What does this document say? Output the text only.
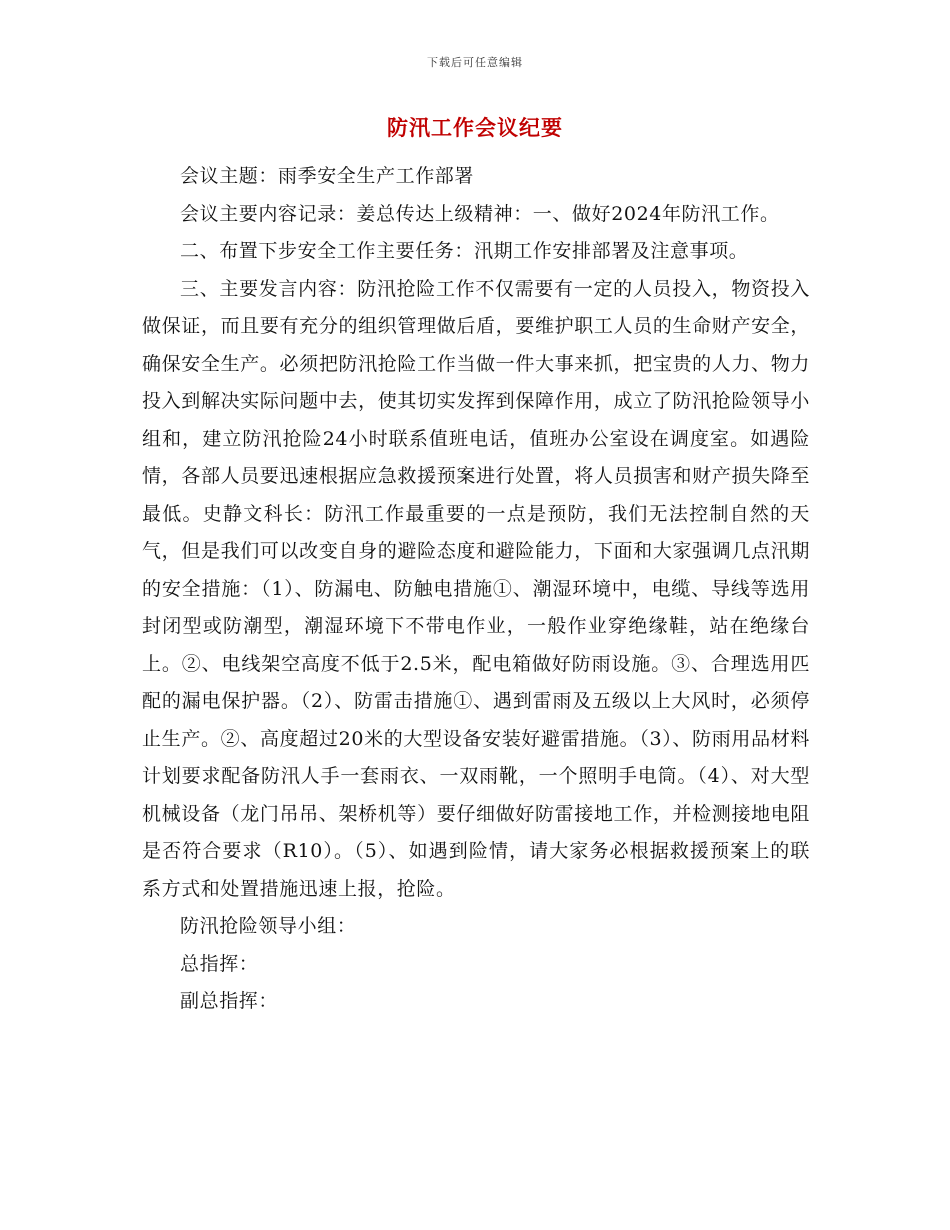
下载后可任意编辑
防汛工作会议纪要

会议主题：雨季安全生产工作部署

会议主要内容记录：姜总传达上级精神：一、做好2024年防汛工作。

二、布置下步安全工作主要任务：汛期工作安排部署及注意事项。

三、主要发言内容：防汛抢险工作不仅需要有一定的人员投入，物资投入做保证，而且要有充分的组织管理做后盾，要维护职工人员的生命财产安全，确保安全生产。必须把防汛抢险工作当做一件大事来抓，把宝贵的人力、物力投入到解决实际问题中去，使其切实发挥到保障作用，成立了防汛抢险领导小组和，建立防汛抢险24小时联系值班电话，值班办公室设在调度室。如遇险情，各部人员要迅速根据应急救援预案进行处置，将人员损害和财产损失降至最低。史静文科长：防汛工作最重要的一点是预防，我们无法控制自然的天气，但是我们可以改变自身的避险态度和避险能力，下面和大家强调几点汛期的安全措施：（1）、防漏电、防触电措施①、潮湿环境中，电缆、导线等选用封闭型或防潮型，潮湿环境下不带电作业，一般作业穿绝缘鞋，站在绝缘台上。②、电线架空高度不低于2.5米，配电箱做好防雨设施。③、合理选用匹配的漏电保护器。（2）、防雷击措施①、遇到雷雨及五级以上大风时，必须停止生产。②、高度超过20米的大型设备安装好避雷措施。（3）、防雨用品材料计划要求配备防汛人手一套雨衣、一双雨靴，一个照明手电筒。（4）、对大型机械设备（龙门吊吊、架桥机等）要仔细做好防雷接地工作，并检测接地电阻是否符合要求（R10）。（5）、如遇到险情，请大家务必根据救援预案上的联系方式和处置措施迅速上报，抢险。

防汛抢险领导小组：

总指挥：

副总指挥：
